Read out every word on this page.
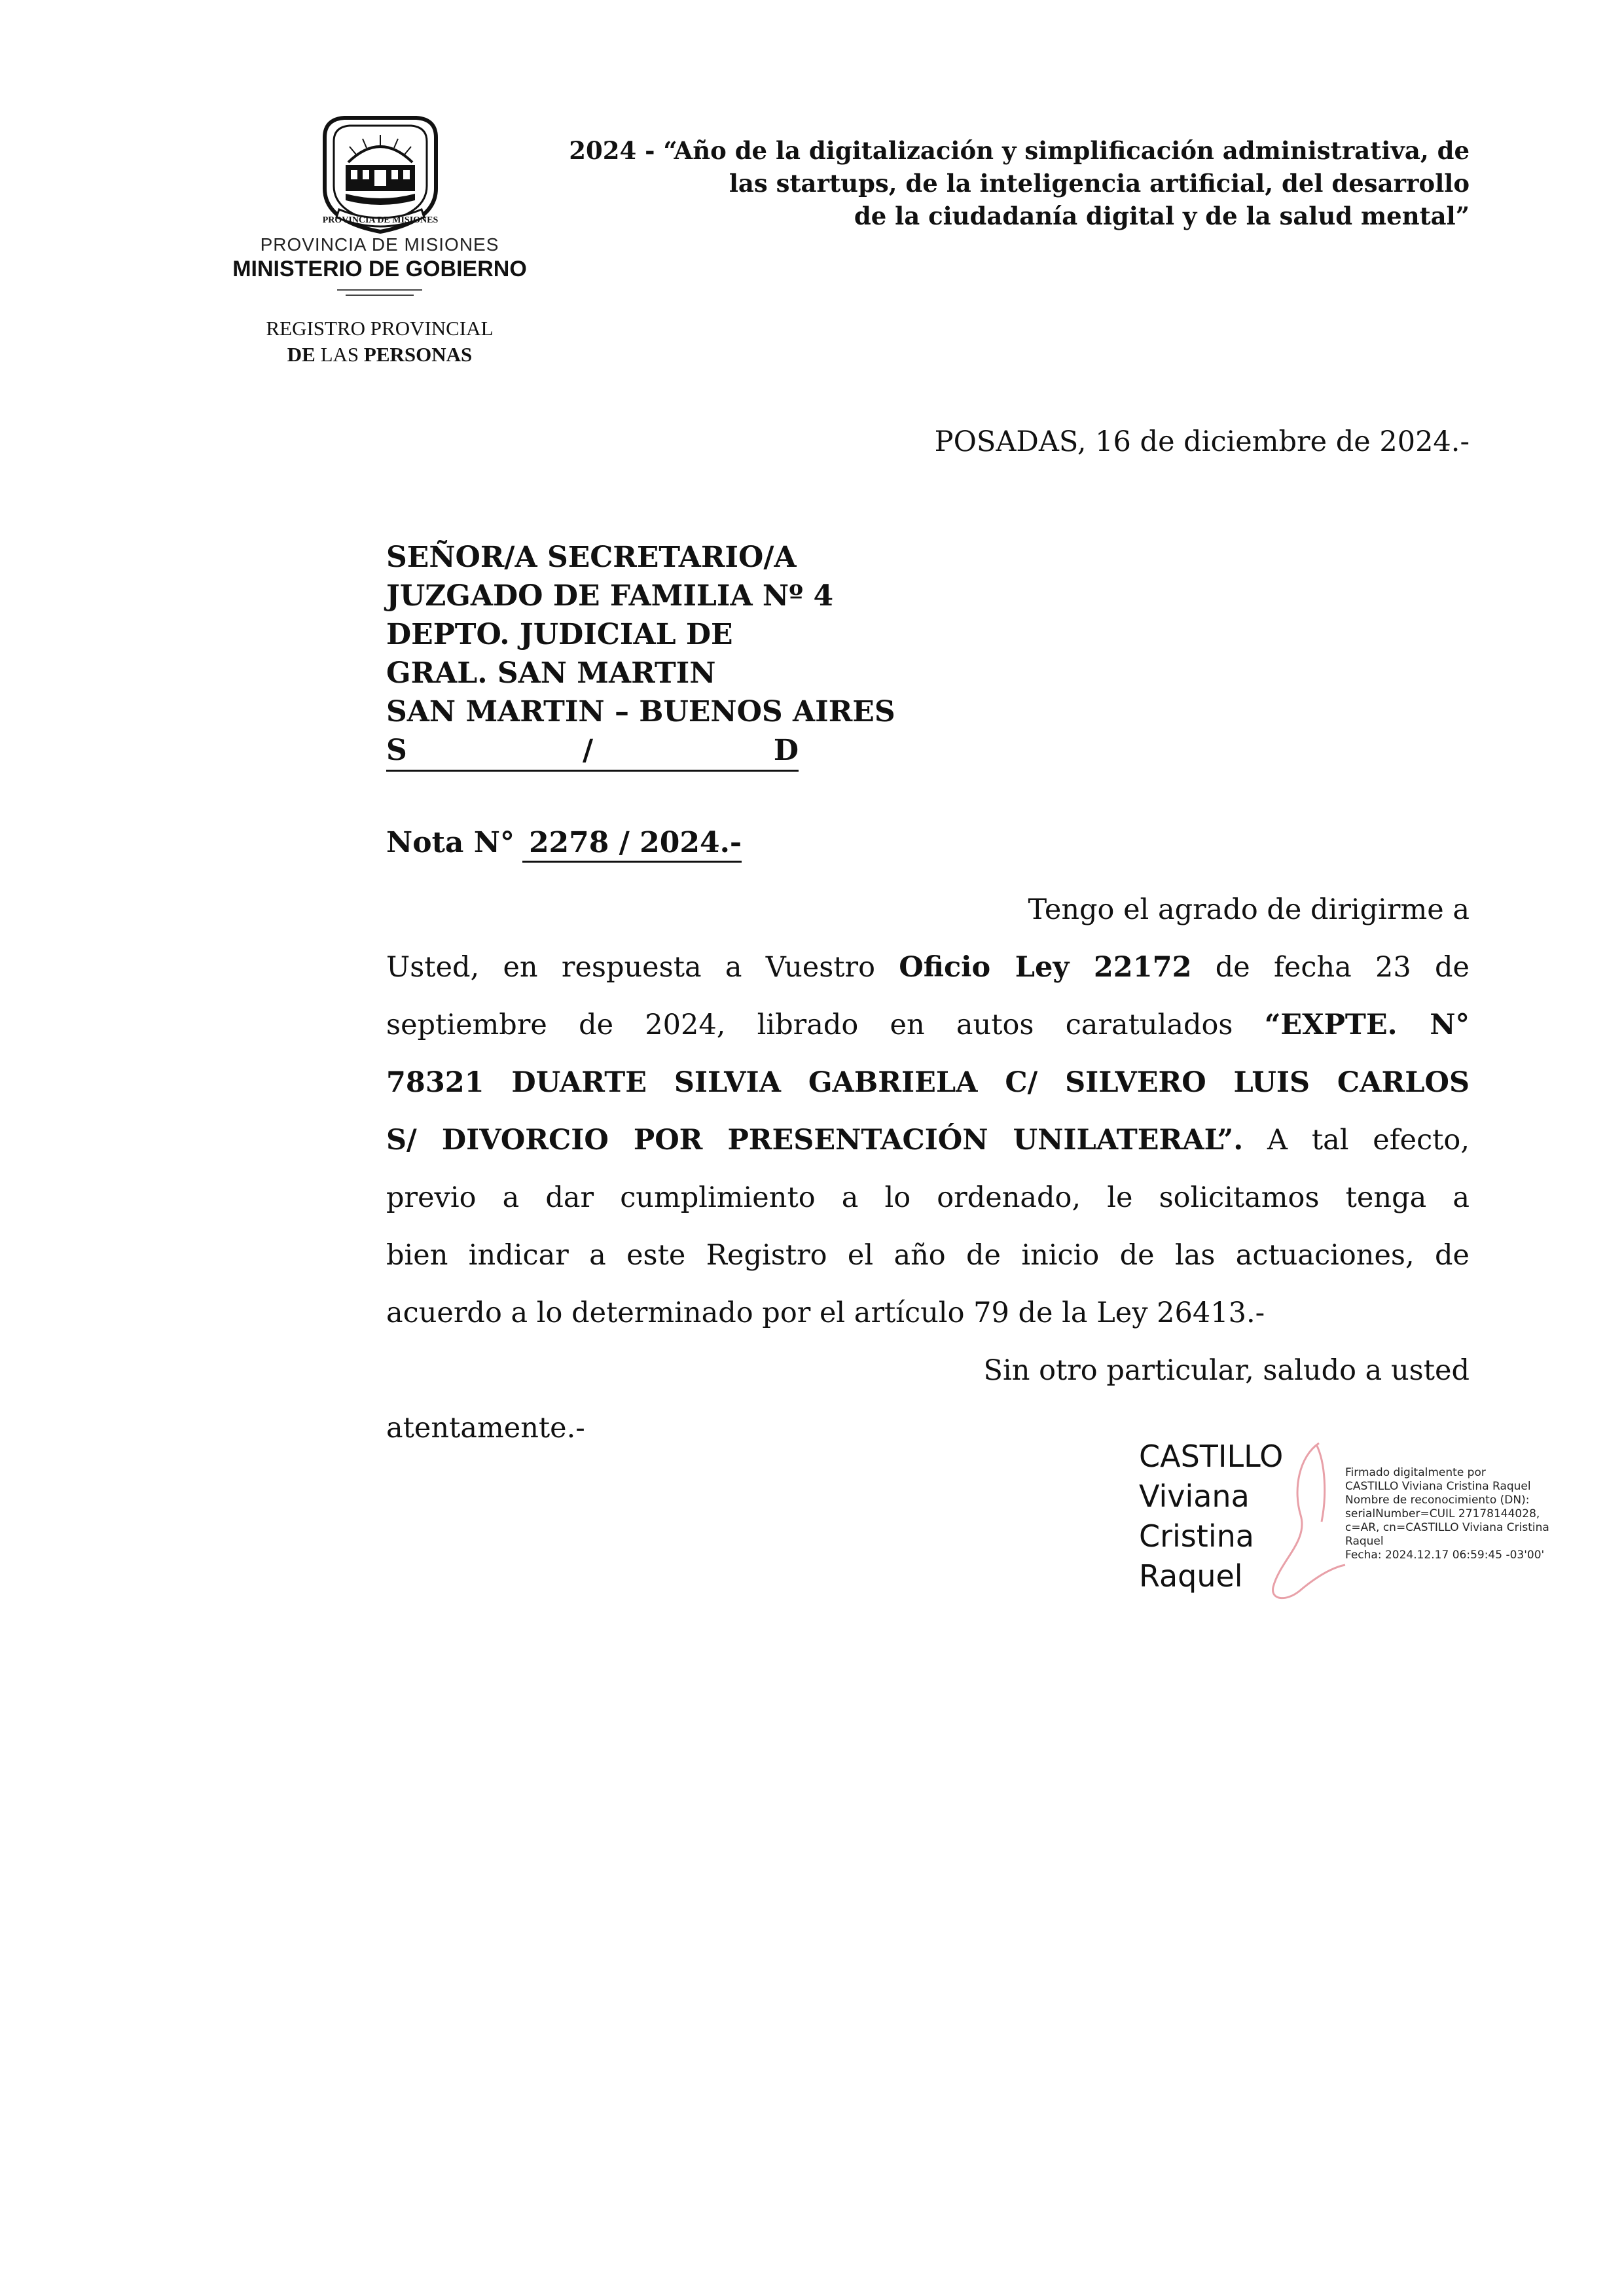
PROVINCIA DE MISIONES
PROVINCIA DE MISIONES
MINISTERIO DE GOBIERNO
REGISTRO PROVINCIAL
DE LAS PERSONAS
2024 - “Año de la digitalización y simplificación administrativa, de
las startups, de la inteligencia artificial, del desarrollo
de la ciudadanía digital y de la salud mental”
POSADAS, 16 de diciembre de 2024.-
SEÑOR/A SECRETARIO/A
JUZGADO DE FAMILIA Nº 4
DEPTO. JUDICIAL DE
GRAL. SAN MARTIN
SAN MARTIN – BUENOS AIRES
S	/	D
Nota N° 2278 / 2024.-
Tengo el agrado de dirigirme a
Usted, en respuesta a Vuestro Oficio Ley 22172 de fecha 23 de
septiembre de 2024, librado en autos caratulados “EXPTE. N°
78321 DUARTE SILVIA GABRIELA C/ SILVERO LUIS CARLOS
S/ DIVORCIO POR PRESENTACIÓN UNILATERAL”. A tal efecto,
previo a dar cumplimiento a lo ordenado, le solicitamos tenga a
bien indicar a este Registro el año de inicio de las actuaciones, de
acuerdo a lo determinado por el artículo 79 de la Ley 26413.-
Sin otro particular, saludo a usted
atentamente.-
CASTILLO
Viviana
Cristina
Raquel
Firmado digitalmente por
CASTILLO Viviana Cristina Raquel
Nombre de reconocimiento (DN):
serialNumber=CUIL 27178144028,
c=AR, cn=CASTILLO Viviana Cristina
Raquel
Fecha: 2024.12.17 06:59:45 -03'00'
